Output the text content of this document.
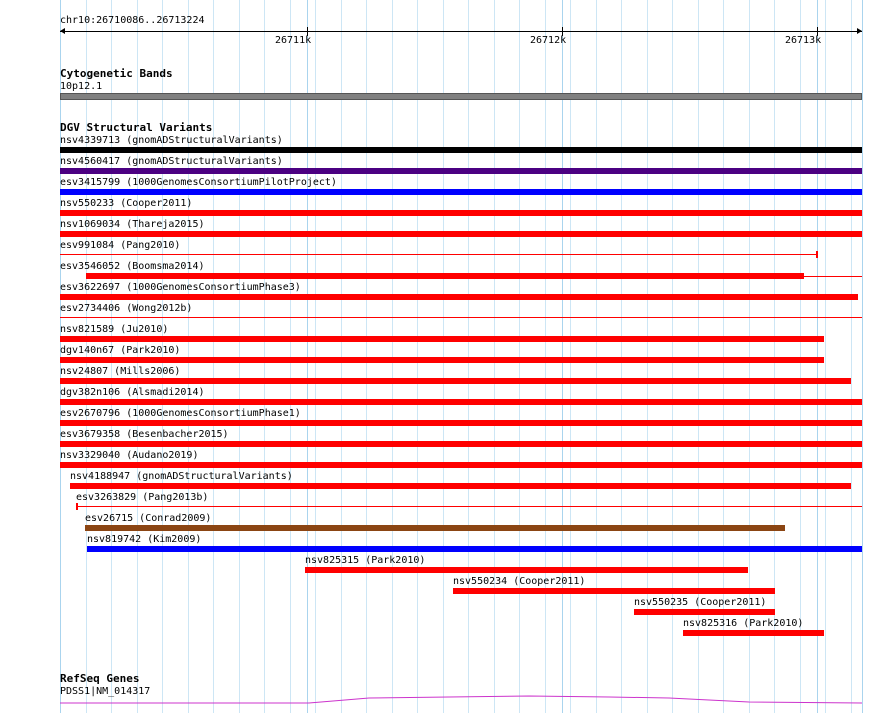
chr10:26710086..26713224
26711k	26712k	26713k
Cytogenetic Bands
10p12.1
DGV Structural Variants
nsv4339713 (gnomADStructuralVariants)
nsv4560417 (gnomADStructuralVariants)
esv3415799 (1000GenomesConsortiumPilotProject)
nsv550233 (Cooper2011)
nsv1069034 (Thareja2015)
esv991084 (Pang2010)
esv3546052 (Boomsma2014)
esv3622697 (1000GenomesConsortiumPhase3)
esv2734406 (Wong2012b)
nsv821589 (Ju2010)
dgv140n67 (Park2010)
nsv24807 (Mills2006)
dgv382n106 (Alsmadi2014)
esv2670796 (1000GenomesConsortiumPhase1)
esv3679358 (Besenbacher2015)
nsv3329040 (Audano2019)
nsv4188947 (gnomADStructuralVariants)
esv3263829 (Pang2013b)
esv26715 (Conrad2009)
nsv819742 (Kim2009)
nsv825315 (Park2010)
nsv550234 (Cooper2011)
nsv550235 (Cooper2011)
nsv825316 (Park2010)
RefSeq Genes
PDSS1|NM_014317
